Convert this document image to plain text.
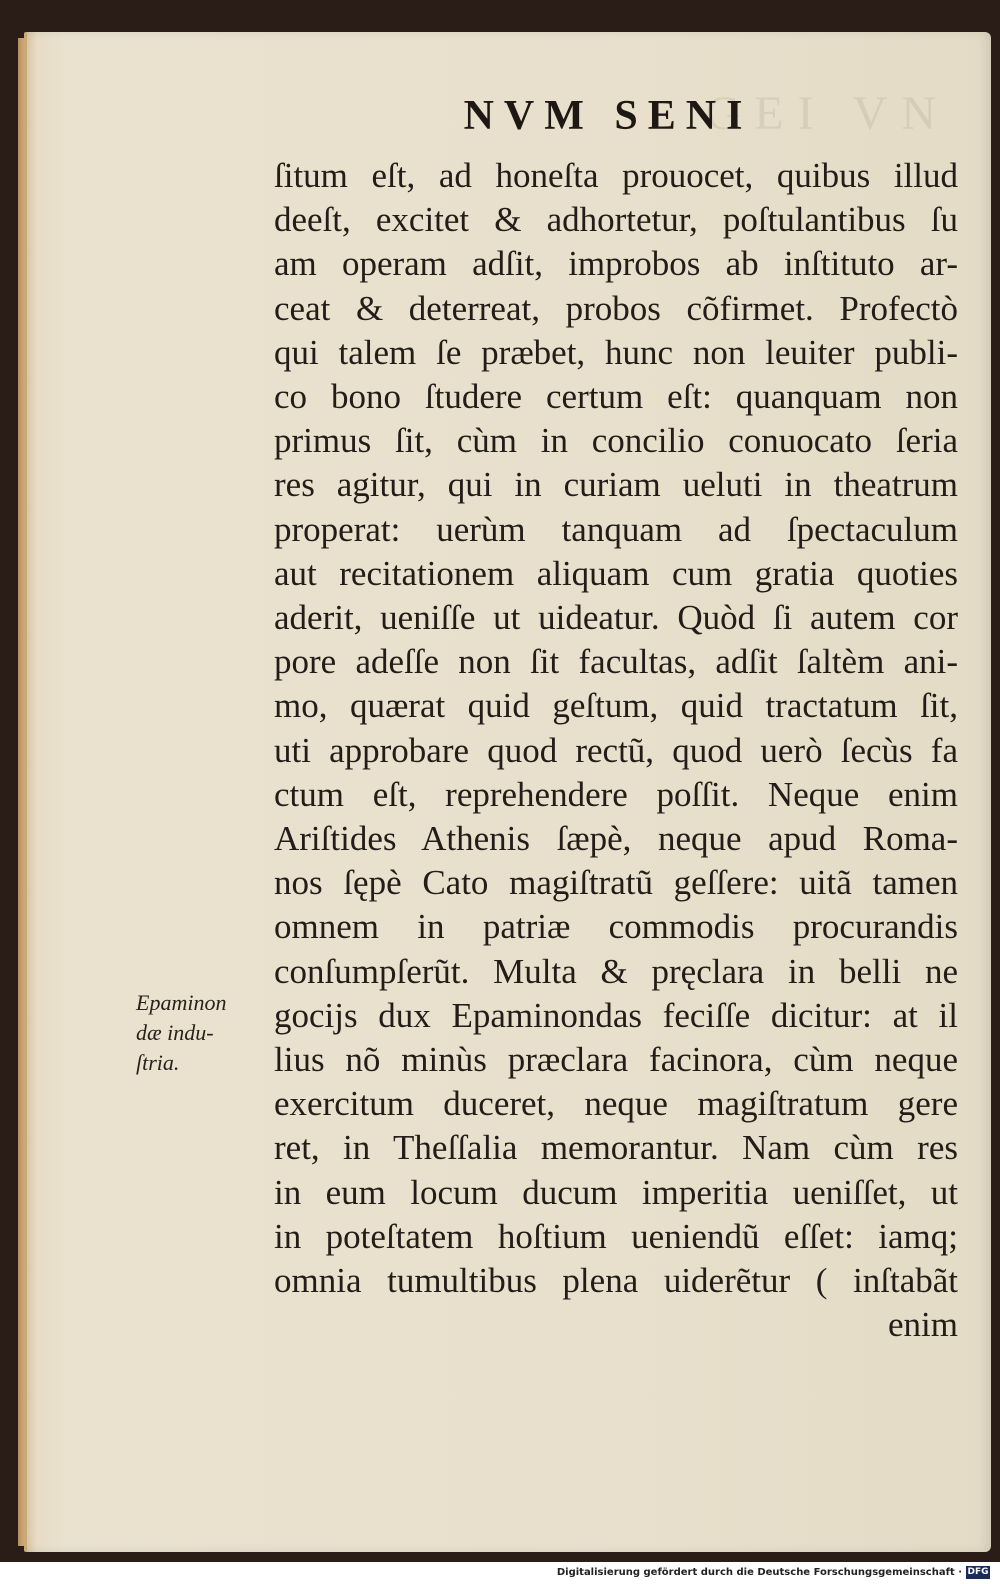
GEI VN
NVM SENI
ſitum eſt, ad honeſta prouocet, quibus illud
deeſt, excitet & adhortetur, poſtulantibus ſu
am operam adſit, improbos ab inſtituto ar-
ceat & deterreat, probos cõfirmet. Profectò
qui talem ſe præbet, hunc non leuiter publi-
co bono ſtudere certum eſt: quanquam non
primus ſit, cùm in concilio conuocato ſeria
res agitur, qui in curiam ueluti in theatrum
properat: uerùm tanquam ad ſpectaculum
aut recitationem aliquam cum gratia quoties
aderit, ueniſſe ut uideatur. Quòd ſi autem cor
pore adeſſe non ſit facultas, adſit ſaltèm ani-
mo, quærat quid geſtum, quid tractatum ſit,
uti approbare quod rectũ, quod uerò ſecùs fa
ctum eſt, reprehendere poſſit. Neque enim
Ariſtides Athenis ſæpè, neque apud Roma-
nos ſępè Cato magiſtratũ geſſere: uitã tamen
omnem in patriæ commodis procurandis
conſumpſerũt. Multa & pręclara in belli ne
gocijs dux Epaminondas feciſſe dicitur: at il
lius nõ minùs præclara facinora, cùm neque
exercitum duceret, neque magiſtratum gere
ret, in Theſſalia memorantur. Nam cùm res
in eum locum ducum imperitia ueniſſet, ut
in poteſtatem hoſtium ueniendũ eſſet: iamq;
omnia tumultibus plena uiderẽtur ( inſtabãt
enim
Epaminon
dæ indu-
ſtria.
Digitalisierung gefördert durch die Deutsche Forschungsgemeinschaft · DFG
